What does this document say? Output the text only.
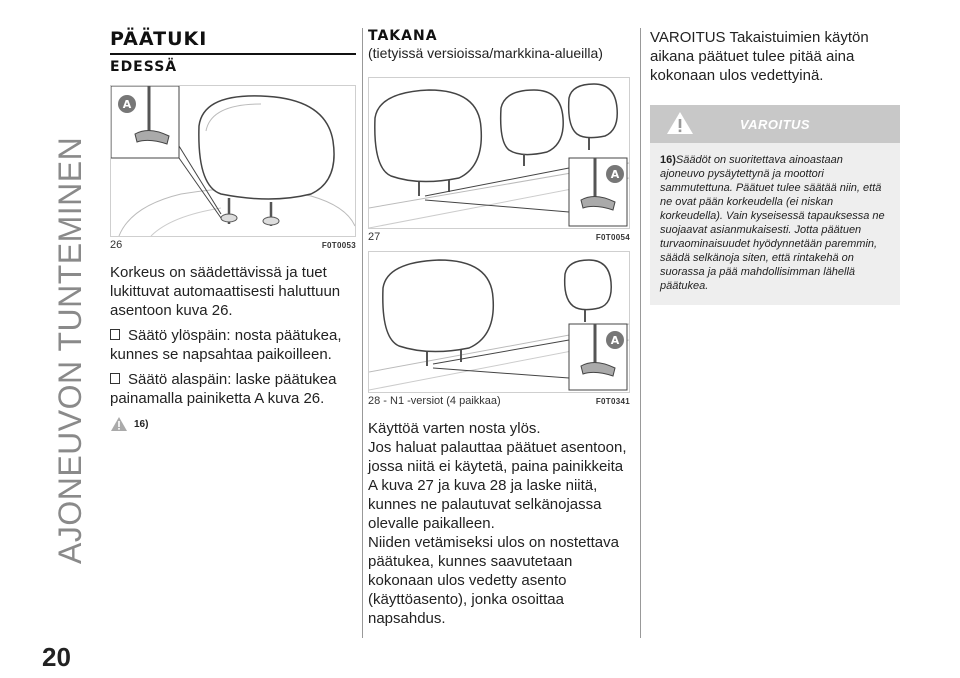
AJONEUVON TUNTEMINEN
20
PÄÄTUKI
EDESSÄ
A
26	F0T0053

Korkeus on säädettävissä ja tuet lukittuvat automaattisesti haluttuun asentoon kuva 26.

Säätö ylöspäin: nosta päätukea, kunnes se napsahtaa paikoilleen.

Säätö alaspäin: laske päätukea painamalla painiketta A kuva 26.

16)
TAKANA

(tietyissä versioissa/markkina-alueilla)

A
27	F0T0054
A
28 - N1 -versiot (4 paikkaa)	F0T0341

Käyttöä varten nosta ylös.

Jos haluat palauttaa päätuet asentoon, jossa niitä ei käytetä, paina painikkeita A kuva 27 ja kuva 28 ja laske niitä, kunnes ne palautuvat selkänojassa olevalle paikalleen.

Niiden vetämiseksi ulos on nostettava päätukea, kunnes saavutetaan kokonaan ulos vedetty asento (käyttöasento), jonka osoittaa napsahdus.

VAROITUS Takaistuimien käytön aikana päätuet tulee pitää aina kokonaan ulos vedettyinä.

VAROITUS
16)Säädöt on suoritettava ainoastaan ajoneuvo pysäytettynä ja moottori sammutettuna. Päätuet tulee säätää niin, että ne ovat pään korkeudella (ei niskan korkeudella). Vain kyseisessä tapauksessa ne suojaavat asianmukaisesti. Jotta päätuen turvaominaisuudet hyödynnetään paremmin, säädä selkänoja siten, että rintakehä on suorassa ja pää mahdollisimman lähellä päätukea.
